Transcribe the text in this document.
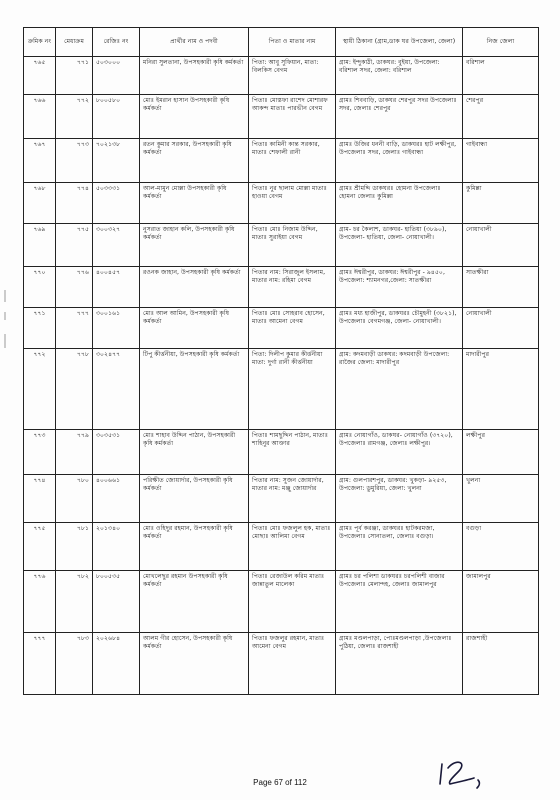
ক্রমিক নং	মেধাক্রম	রেজিঃ নং	প্রার্থীর নাম ও পদবী	পিতা ও মাতার নাম	স্থায়ী ঠিকানা (গ্রাম,ডাক ঘর উপজেলা, জেলা)	নিজ জেলা
৭৬৫	৭৭১	৫০৩০০০	মনিরা সুলতানা, উপসহকারী কৃষি কর্মকর্তা	পিতা: আবু সুফিয়ান, মাতা: বিলকিস বেগম	গ্রাম: ইন্দুকাঠী, ডাকঘর: বুইয়া, উপজেলা: বরিশাল সদর, জেলা: বরিশাল	বরিশাল
৭৬৬	৭৭২	৮০০৫৮০	মোঃ ইমরান হাসান উপসহকারী কৃষি কর্মকর্তা	পিতাঃ মোস্তফা রাশেদ মোশারফ আকন্দ মাতাঃ পারভীন বেগম	গ্রামঃ শিববাড়ি, ডাকঘর শেরপুর সদর উপজেলাঃ সদর, জেলাঃ শেরপুর	শেরপুর
৭৬৭	৭৭৩	৭০২১৩৮	রতন কুমার সরকার, উপসহকারী কৃষি কর্মকর্তা	পিতাঃ কামিনী কান্ত সরকার, মাতাঃ শেফালী রানী	গ্রামঃ উজির ধননী বাড়ি, ডাকঘরঃ হাট লক্ষীপুর, উপজেলাঃ সদর, জেলাঃ গাইবান্ধা	গাইবান্ধা
৭৬৮	৭৭৪	৫০৩৩৩১	আল-মামুন মোল্লা উপসহকারী কৃষি কর্মকর্তা	পিতাঃ নুর ছালাম মোল্লা মাতাঃ হাওয়া বেগম	গ্রামঃ শ্রীমদ্দি ডাকঘরঃ হোমনা উপজেলাঃ হোমনা জেলাঃ কুমিল্লা	কুমিল্লা
৭৬৯	৭৭৫	৩০০৩২৭	নুসরাত জাহান কলি, উপসহকারী কৃষি কর্মকর্তা	পিতাঃ মোঃ নিজাম উদ্দিন, মাতাঃ সুরাইয়া বেগম	গ্রাম- চর কৈলাশ, ডাকঘর- হাতিয়া (৩৮৯০), উপজেলা- হাতিয়া, জেলা- নোয়াখালী।	নোয়াখালী
৭৭০	৭৭৬	৪০০৪৫৭	রওনক জাহান, উপসহকারী কৃষি কর্মকর্তা	পিতার নাম: সিরাজুল ইসলাম, মাতার নাম: রহিমা বেগম	গ্রামঃ ঈশ্বরীপুর, ডাকঘর: ঈশ্বরীপুর - ৯৪৫০, উপজেলা: শ্যামনগর,জেলা: সাতক্ষীরা	সাতক্ষীরা
৭৭১	৭৭৭	৩০০১৬১	মোঃ আল আমিন, উপসহকারী কৃষি কর্মকর্তা	পিতাঃ মোঃ সোহরাব হোসেন, মাতাঃ আমেনা বেগম	গ্রামঃ মধ্য হাজীপুর, ডাকঘরঃ চৌমুহনী (৩৮২১), উপজেলাঃ বেগমগঞ্জ, জেলা- নোয়াখালী।	নোয়াখালী
৭৭২	৭৭৮	৩০২৪৭৭	টিপু কীর্ত্তনীয়া, উপসহকারী কৃষি কর্মকর্তা	পিতা: দিলীপ কুমার কীর্ত্তনীয়া মাতা: দুর্গা রানী কীর্ত্তনীয়া	গ্রাম: কদমবাড়ী ডাকঘর: কদমবাড়ী উপজেলা: রাজৈর জেলা: মাদারীপুর	মাদারীপুর
৭৭৩	৭৭৯	৩০৩৫৩১	মোঃ শাহাব উদ্দিন পাঠান, উপসহকারী কৃষি কর্মকর্তা	পিতাঃ শামছুদ্দিন পাঠান, মাতাঃ শাহিনুর আক্তার	গ্রামঃ নোয়াগাঁও, ডাকঘর- নোয়াগাঁও (৩৭২০), উপজেলাঃ রামগঞ্জ, জেলাঃ লক্ষীপুর।	লক্ষীপুর
৭৭৪	৭৮০	৪০০৬৬১	পরিক্ষীত জোয়ার্দার, উপসহকারী কৃষি কর্মকর্তা	পিতার নাম: সুজন জোয়ার্দার, মাতার নাম: মঞ্জু জোয়ার্দার	গ্রাম: গুলপারশপুর, ডাকঘর: খুকড়া- ৯২৫৩, উপজেলা: ডুমুরিয়া, জেলা: খুলনা	খুলনা
৭৭৫	৭৮১	২০১৩৪০	মোঃ ওহিদুর রহমান, উপসহকারী কৃষি কর্মকর্তা	পিতাঃ মোঃ ফজলুল হক, মাতাঃ মোছাঃ আলিমা বেগম	গ্রামঃ পূর্ব করঞ্জা, ডাকঘরঃ হাটকরমজা, উপজেলাঃ সোনাতলা, জেলাঃ বগুড়া।	বগুড়া
৭৭৬	৭৮২	৮০০৫৩৫	মোখলেছুর রহমান উপসহকারী কৃষি কর্মকর্তা	পিতাঃ রেজাউল করিম মাতাঃ জান্নাতুল মালেকা	গ্রামঃ চর পলিশা ডাকঘরঃ চরপলিশী বাজার উপজেলাঃ মেলান্দহ, জেলাঃ জামালপুর	জামালপুর
৭৭৭	৭৮৩	২০২৬৮৪	আলম গীর হোসেন, উপসহকারী কৃষি কর্মকর্তা	পিতাঃ ফজলুর রহমান, মাতাঃ আমেনা বেগম	গ্রামঃ মণ্ডলপাড়া, পোঃমণ্ডলপাড়া ,উপজেলাঃ পুঠিয়া, জেলাঃ রাজশাহী	রাজশাহী
Page 67 of 112
